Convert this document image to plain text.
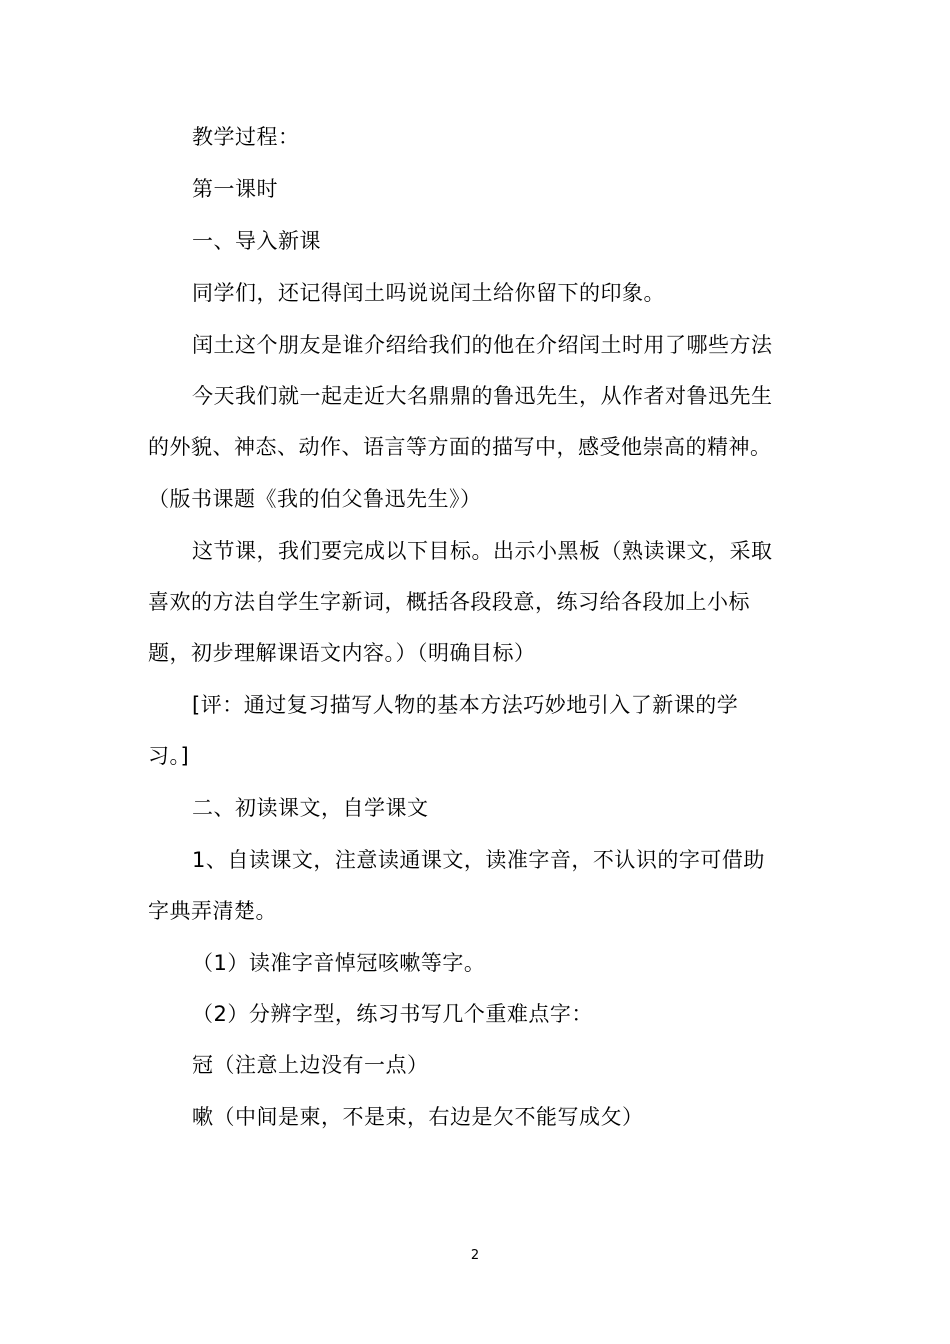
教学过程：
第一课时
一、导入新课
同学们，还记得闰土吗说说闰土给你留下的印象。
闰土这个朋友是谁介绍给我们的他在介绍闰土时用了哪些方法
今天我们就一起走近大名鼎鼎的鲁迅先生，从作者对鲁迅先生
的外貌、神态、动作、语言等方面的描写中，感受他崇高的精神。
（版书课题《我的伯父鲁迅先生》）
这节课，我们要完成以下目标。出示小黑板（熟读课文，采取
喜欢的方法自学生字新词，概括各段段意，练习给各段加上小标
题，初步理解课语文内容。）（明确目标）
[评：通过复习描写人物的基本方法巧妙地引入了新课的学
习。]
二、初读课文，自学课文
1、自读课文，注意读通课文，读准字音，不认识的字可借助
字典弄清楚。
（1）读准字音悼冠咳嗽等字。
（2）分辨字型，练习书写几个重难点字：
冠（注意上边没有一点）
嗽（中间是柬，不是束，右边是欠不能写成攵）
2
